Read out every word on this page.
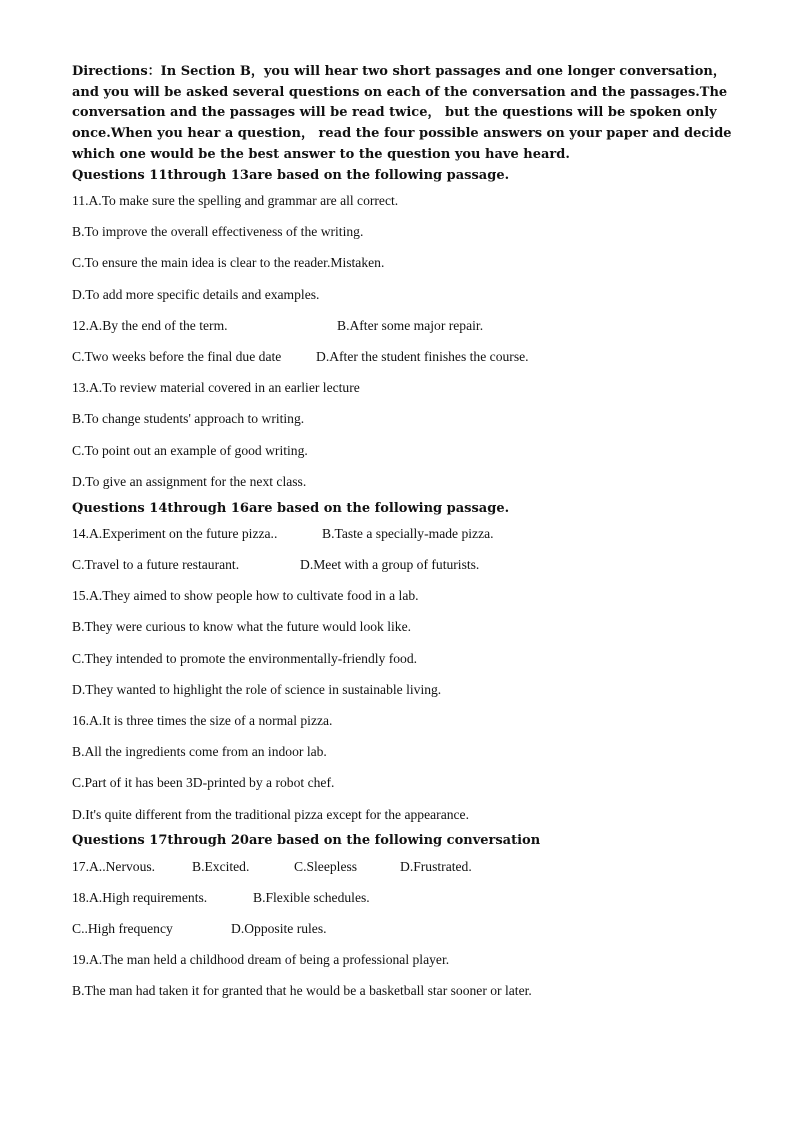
Directions：In Section B，you will hear two short passages and one longer conversation，and you will be asked several questions on each of the conversation and the passages.The conversation and the passages will be read twice， but the questions will be spoken only once.When you hear a question， read the four possible answers on your paper and decide which one would be the best answer to the question you have heard.
Questions 11through 13are based on the following passage.
11.A.To make sure the spelling and grammar are all correct.
B.To improve the overall effectiveness of the writing.
C.To ensure the main idea is clear to the reader.Mistaken.
D.To add more specific details and examples.
12.A.By the end of the term.	B.After some major repair.
C.Two weeks before the final due date	D.After the student finishes the course.
13.A.To review material covered in an earlier lecture
B.To change students' approach to writing.
C.To point out an example of good writing.
D.To give an assignment for the next class.
Questions 14through 16are based on the following passage.
14.A.Experiment on the future pizza..	B.Taste a specially-made pizza.
C.Travel to a future restaurant.	D.Meet with a group of futurists.
15.A.They aimed to show people how to cultivate food in a lab.
B.They were curious to know what the future would look like.
C.They intended to promote the environmentally-friendly food.
D.They wanted to highlight the role of science in sustainable living.
16.A.It is three times the size of a normal pizza.
B.All the ingredients come from an indoor lab.
C.Part of it has been 3D-printed by a robot chef.
D.It's quite different from the traditional pizza except for the appearance.
Questions 17through 20are based on the following conversation
17.A..Nervous.	B.Excited.	C.Sleepless	D.Frustrated.
18.A.High requirements.	B.Flexible schedules.
C..High frequency	D.Opposite rules.
19.A.The man held a childhood dream of being a professional player.
B.The man had taken it for granted that he would be a basketball star sooner or later.
